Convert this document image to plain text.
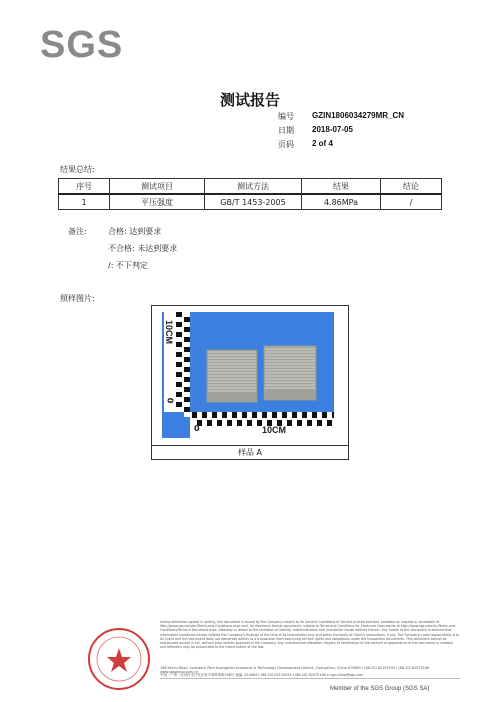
SGS
测试报告
编号	GZIN1806034279MR_CN
日期	2018-07-05
页码	2 of 4
结果总结:
序号	测试项目	测试方法	结果	结论
1	平压强度	GB/T 1453-2005	4.86MPa	/
备注:	合格: 达到要求
不合格: 未达到要求
/: 不下判定
照样图片:
10CM
0
0	10CM
样品 A
Unless otherwise agreed in writing, this document is issued by the Company subject to its General Conditions of Service printed overleaf, available on request or accessible at http://www.sgs.com/en/Terms-and-Conditions.aspx and, for electronic format documents, subject to Terms and Conditions for Electronic Documents at http://www.sgs.com/en/Terms-and-Conditions/Terms-e-Document.aspx. Attention is drawn to the limitation of liability, indemnification and jurisdiction issues defined therein. Any holder of this document is advised that information contained hereon reflects the Company's findings at the time of its intervention only and within the limits of Client's instructions, if any. The Company's sole responsibility is to its Client and this document does not exonerate parties to a transaction from exercising all their rights and obligations under the transaction documents. This document cannot be reproduced except in full, without prior written approval of the Company. Any unauthorized alteration, forgery or falsification of the content or appearance of this document is unlawful and offenders may be prosecuted to the fullest extent of the law.
198 Kezhu Road, Scientech Park Guangzhou Economic & Technology Development District, Guangzhou, China 510663 t (86-20) 82155555 f (86-20) 82075166 www.sgsgroup.com.cn
中国・广州・经济技术开发区科学城科珠路198号 邮编: 510663 t (86-20) 82155555 f (86-20) 82075166 e sgs.china@sgs.com
Member of the SGS Group (SGS SA)
